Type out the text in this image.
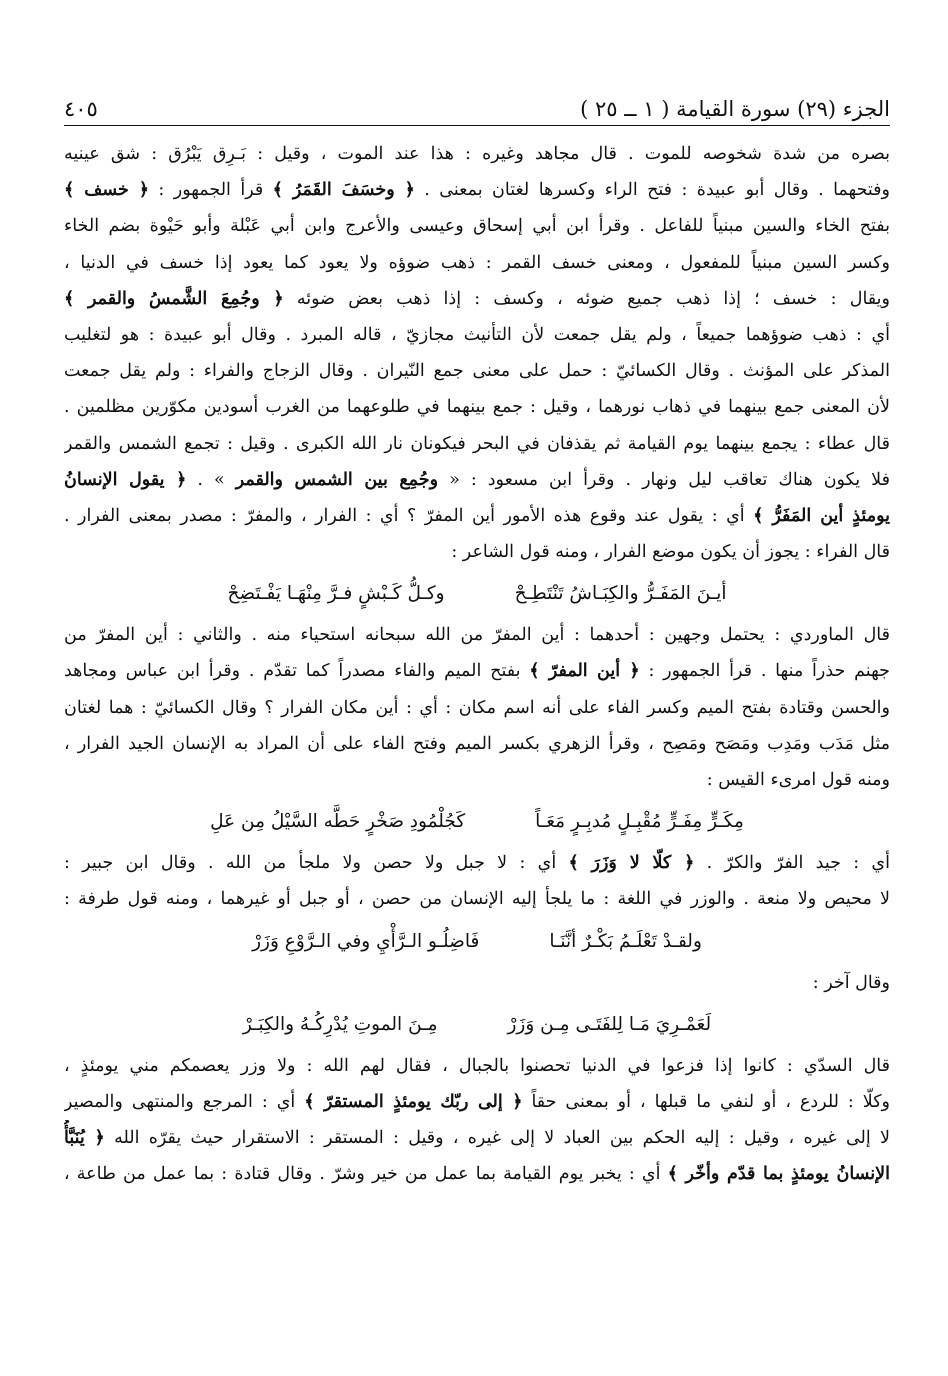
الجزء (٢٩) سورة القيامة ( ١ ــ ٢٥ )
٤٠٥
بصره من شدة شخوصه للموت . قال مجاهد وغيره : هذا عند الموت ، وقيل : بَـرِق يَبْرُق : شق عينيه
وفتحهما . وقال أبو عبيدة : فتح الراء وكسرها لغتان بمعنى . ﴿ وخسَفَ القَمَرُ ﴾ قرأ الجمهور : ﴿ خسف ﴾
بفتح الخاء والسين مبنياً للفاعل . وقرأ ابن أبي إسحاق وعيسى والأعرج وابن أبي عَبْلة وأبو حَيْوة بضم الخاء
وكسر السين مبنياً للمفعول ، ومعنى خسف القمر : ذهب ضوؤه ولا يعود كما يعود إذا خسف في الدنيا ،
ويقال : خسف ؛ إذا ذهب جميع ضوئه ، وكسف : إذا ذهب بعض ضوئه ﴿ وجُمِعَ الشَّمسُ والقمر ﴾
أي : ذهب ضوؤهما جميعاً ، ولم يقل جمعت لأن التأنيث مجازيّ ، قاله المبرد . وقال أبو عبيدة : هو لتغليب
المذكر على المؤنث . وقال الكسائيّ : حمل على معنى جمع النّيران . وقال الزجاج والفراء : ولم يقل جمعت
لأن المعنى جمع بينهما في ذهاب نورهما ، وقيل : جمع بينهما في طلوعهما من الغرب أسودين مكوّرين مظلمين .
قال عطاء : يجمع بينهما يوم القيامة ثم يقذفان في البحر فيكونان نار الله الكبرى . وقيل : تجمع الشمس والقمر
فلا يكون هناك تعاقب ليل ونهار . وقرأ ابن مسعود : « وجُمِع بين الشمس والقمر » . ﴿ يقول الإنسانُ
يومئذٍ أين المَفَرُّ ﴾ أي : يقول عند وقوع هذه الأمور أين المفرّ ؟ أي : الفرار ، والمفرّ : مصدر بمعنى الفرار .
قال الفراء : يجوز أن يكون موضع الفرار ، ومنه قول الشاعر :
أيـنَ المَفَـرُّ والكِبَـاشُ تَنْتَطِـحْ
وكـلُّ كَـبْشٍ فـرَّ مِنْهَـا يَفْـتَضِحْ
قال الماوردي : يحتمل وجهين : أحدهما : أين المفرّ من الله سبحانه استحياء منه . والثاني : أين المفرّ من
جهنم حذراً منها . قرأ الجمهور : ﴿ أين المفرّ ﴾ بفتح الميم والفاء مصدراً كما تقدّم . وقرأ ابن عباس ومجاهد
والحسن وقتادة بفتح الميم وكسر الفاء على أنه اسم مكان : أي : أين مكان الفرار ؟ وقال الكسائيّ : هما لغتان
مثل مَدَب ومَدِب ومَصَح ومَصِح ، وقرأ الزهري بكسر الميم وفتح الفاء على أن المراد به الإنسان الجيد الفرار ،
ومنه قول امرىء القيس :
مِكَـرٍّ مِفَـرٍّ مُقْبِـلٍ مُدبِـرٍ مَعَـاً
كَجُلْمُودِ صَخْرٍ حَطَّه السَّيْلُ مِن عَلِ
أي : جيد الفرّ والكرّ . ﴿ كلّا لا وَزَرَ ﴾ أي : لا جبل ولا حصن ولا ملجأ من الله . وقال ابن جبير :
لا محيص ولا منعة . والوزر في اللغة : ما يلجأ إليه الإنسان من حصن ، أو جبل أو غيرهما ، ومنه قول طرفة :
ولقـدْ تَعْلَـمُ بَكْـرٌ أنَّنَـا
فَاضِلُـو الـرَّأْيِ وفي الـرَّوْعِ وَزَرْ
وقال آخر :
لَعَمْـرِيَ مَـا لِلفَتَـى مِـن وَزَرْ
مِـنَ الموتِ يُدْرِكُـهُ والكِبَـرْ
قال السدّي : كانوا إذا فزعوا في الدنيا تحصنوا بالجبال ، فقال لهم الله : ولا وزر يعصمكم مني يومئذٍ ،
وكلّا : للردع ، أو لنفي ما قبلها ، أو بمعنى حقاً ﴿ إلى ربّك يومئذٍ المستقرّ ﴾ أي : المرجع والمنتهى والمصير
لا إلى غيره ، وقيل : إليه الحكم بين العباد لا إلى غيره ، وقيل : المستقر : الاستقرار حيث يقرّه الله ﴿ يُنَبَّأُ
الإنسانُ يومئذٍ بما قدّم وأخّر ﴾ أي : يخبر يوم القيامة بما عمل من خير وشرّ . وقال قتادة : بما عمل من طاعة ،
